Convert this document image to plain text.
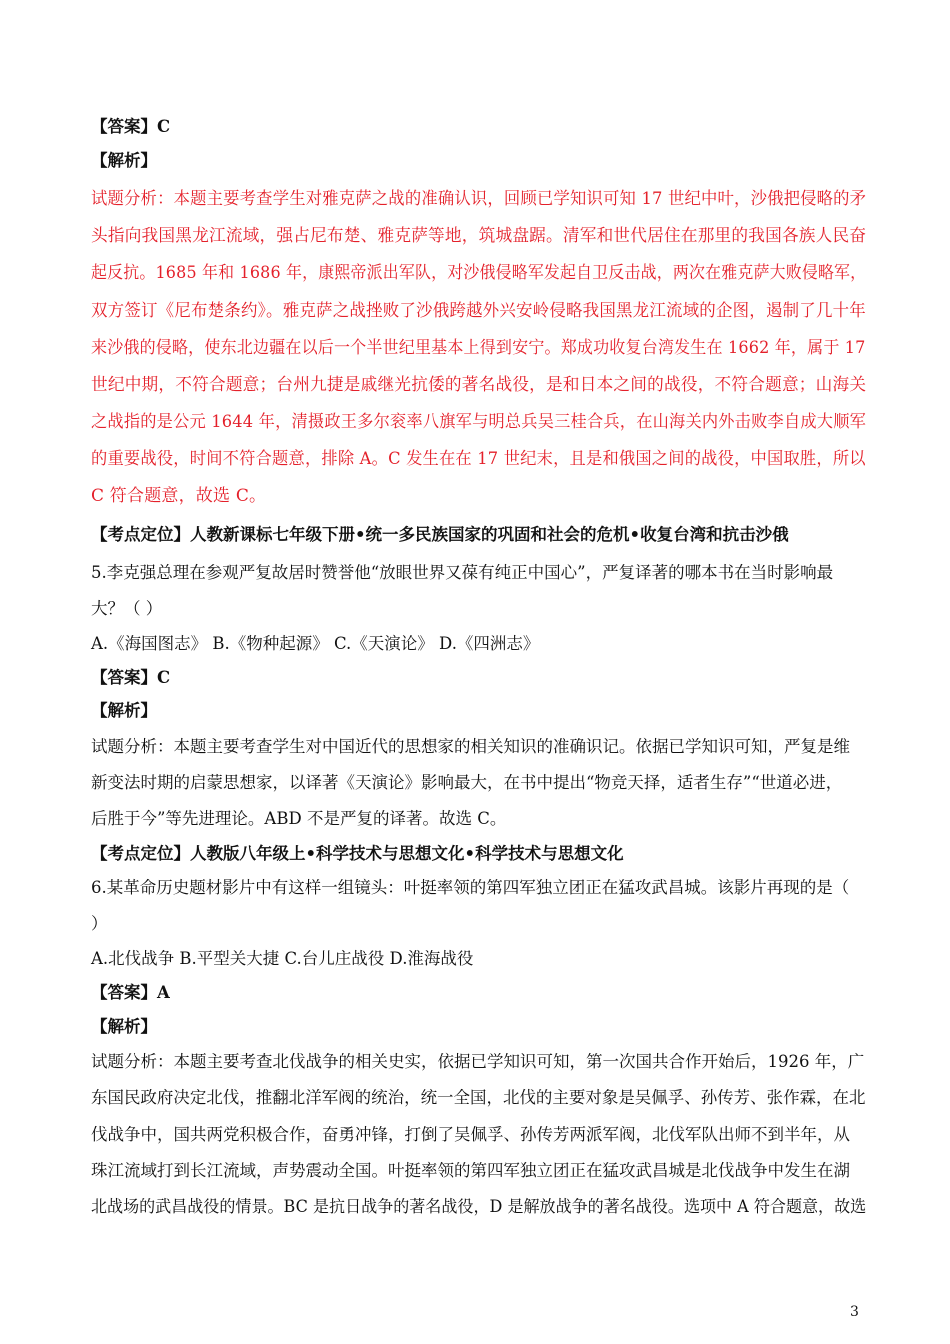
【答案】C
【解析】
试题分析：本题主要考查学生对雅克萨之战的准确认识，回顾已学知识可知 17 世纪中叶，沙俄把侵略的矛
头指向我国黑龙江流域，强占尼布楚、雅克萨等地，筑城盘踞。清军和世代居住在那里的我国各族人民奋
起反抗。1685 年和 1686 年，康熙帝派出军队，对沙俄侵略军发起自卫反击战，两次在雅克萨大败侵略军，
双方签订《尼布楚条约》。雅克萨之战挫败了沙俄跨越外兴安岭侵略我国黑龙江流域的企图，遏制了几十年
来沙俄的侵略，使东北边疆在以后一个半世纪里基本上得到安宁。郑成功收复台湾发生在 1662 年，属于 17
世纪中期，不符合题意；台州九捷是戚继光抗倭的著名战役，是和日本之间的战役，不符合题意；山海关
之战指的是公元 1644 年，清摄政王多尔衮率八旗军与明总兵吴三桂合兵，在山海关内外击败李自成大顺军
的重要战役，时间不符合题意，排除 A。C 发生在在 17 世纪末，且是和俄国之间的战役，中国取胜，所以
C 符合题意，故选 C。
【考点定位】人教新课标七年级下册•统一多民族国家的巩固和社会的危机•收复台湾和抗击沙俄
5.李克强总理在参观严复故居时赞誉他“放眼世界又葆有纯正中国心”，严复译著的哪本书在当时影响最
大？（ ）
A.《海国图志》 B.《物种起源》 C.《天演论》 D.《四洲志》
【答案】C
【解析】
试题分析：本题主要考查学生对中国近代的思想家的相关知识的准确识记。依据已学知识可知，严复是维
新变法时期的启蒙思想家，以译著《天演论》影响最大，在书中提出“物竞天择，适者生存”“世道必进，
后胜于今”等先进理论。ABD 不是严复的译著。故选 C。
【考点定位】人教版八年级上•科学技术与思想文化•科学技术与思想文化
6.某革命历史题材影片中有这样一组镜头：叶挺率领的第四军独立团正在猛攻武昌城。该影片再现的是（
）
A.北伐战争 B.平型关大捷 C.台儿庄战役 D.淮海战役
【答案】A
【解析】
试题分析：本题主要考查北伐战争的相关史实，依据已学知识可知，第一次国共合作开始后，1926 年，广
东国民政府决定北伐，推翻北洋军阀的统治，统一全国，北伐的主要对象是吴佩孚、孙传芳、张作霖，在北
伐战争中，国共两党积极合作，奋勇冲锋，打倒了吴佩孚、孙传芳两派军阀，北伐军队出师不到半年，从
珠江流域打到长江流域，声势震动全国。叶挺率领的第四军独立团正在猛攻武昌城是北伐战争中发生在湖
北战场的武昌战役的情景。BC 是抗日战争的著名战役，D 是解放战争的著名战役。选项中 A 符合题意，故选
3
